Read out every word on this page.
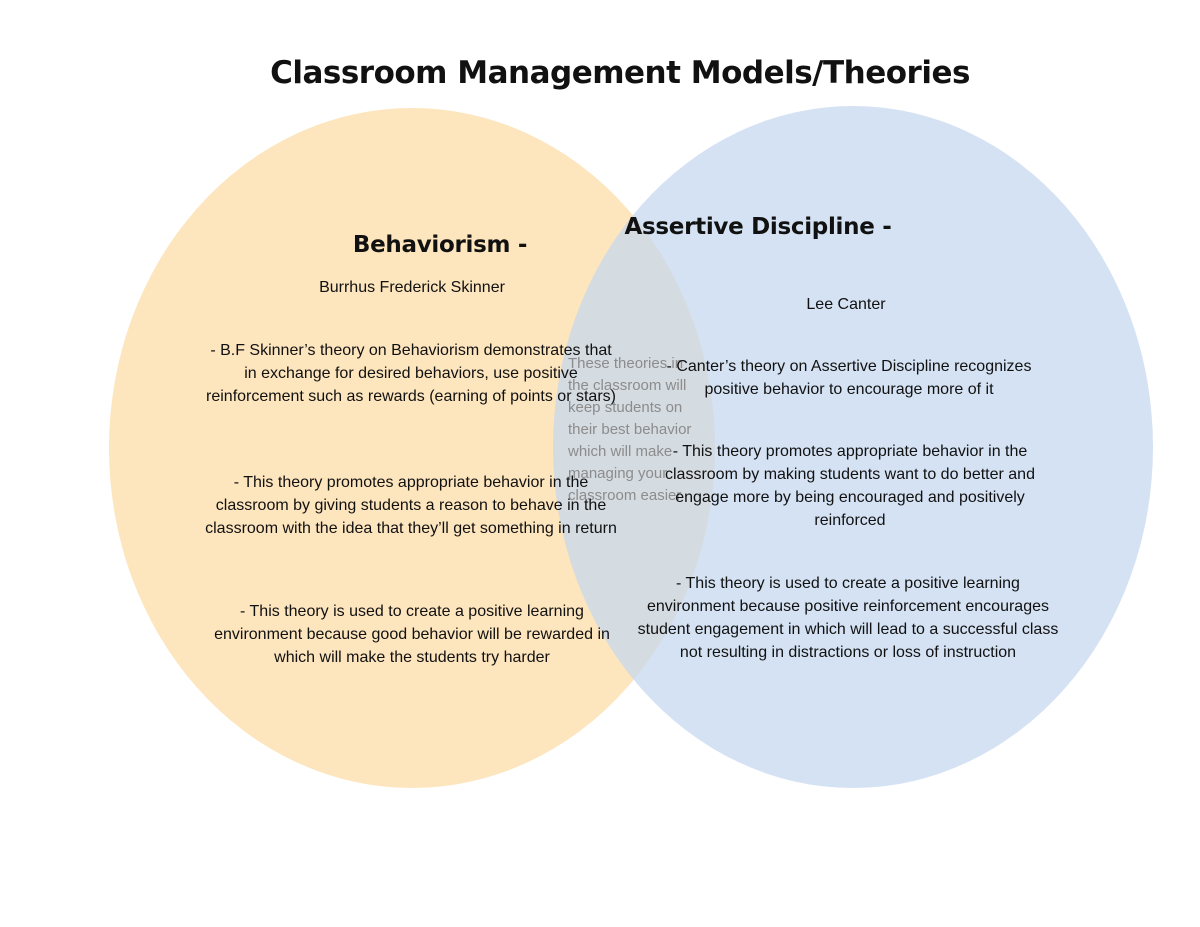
Classroom Management Models/Theories
These theories in the classroom will keep students on their best behavior which will make managing your classroom easier
Behaviorism -
Burrhus Frederick Skinner
- B.F Skinner’s theory on Behaviorism demonstrates that in exchange for desired behaviors, use positive reinforcement such as rewards (earning of points or stars)
- This theory promotes appropriate behavior in the classroom by giving students a reason to behave in the classroom with the idea that they’ll get something in return
- This theory is used to create a positive learning environment because good behavior will be rewarded in which will make the students try harder
Assertive Discipline -
Lee Canter
- Canter’s theory on Assertive Discipline recognizes positive behavior to encourage more of it
- This theory promotes appropriate behavior in the classroom by making students want to do better and engage more by being encouraged and positively reinforced
- This theory is used to create a positive learning environment because positive reinforcement encourages student engagement in which will lead to a successful class not resulting in distractions or loss of instruction
